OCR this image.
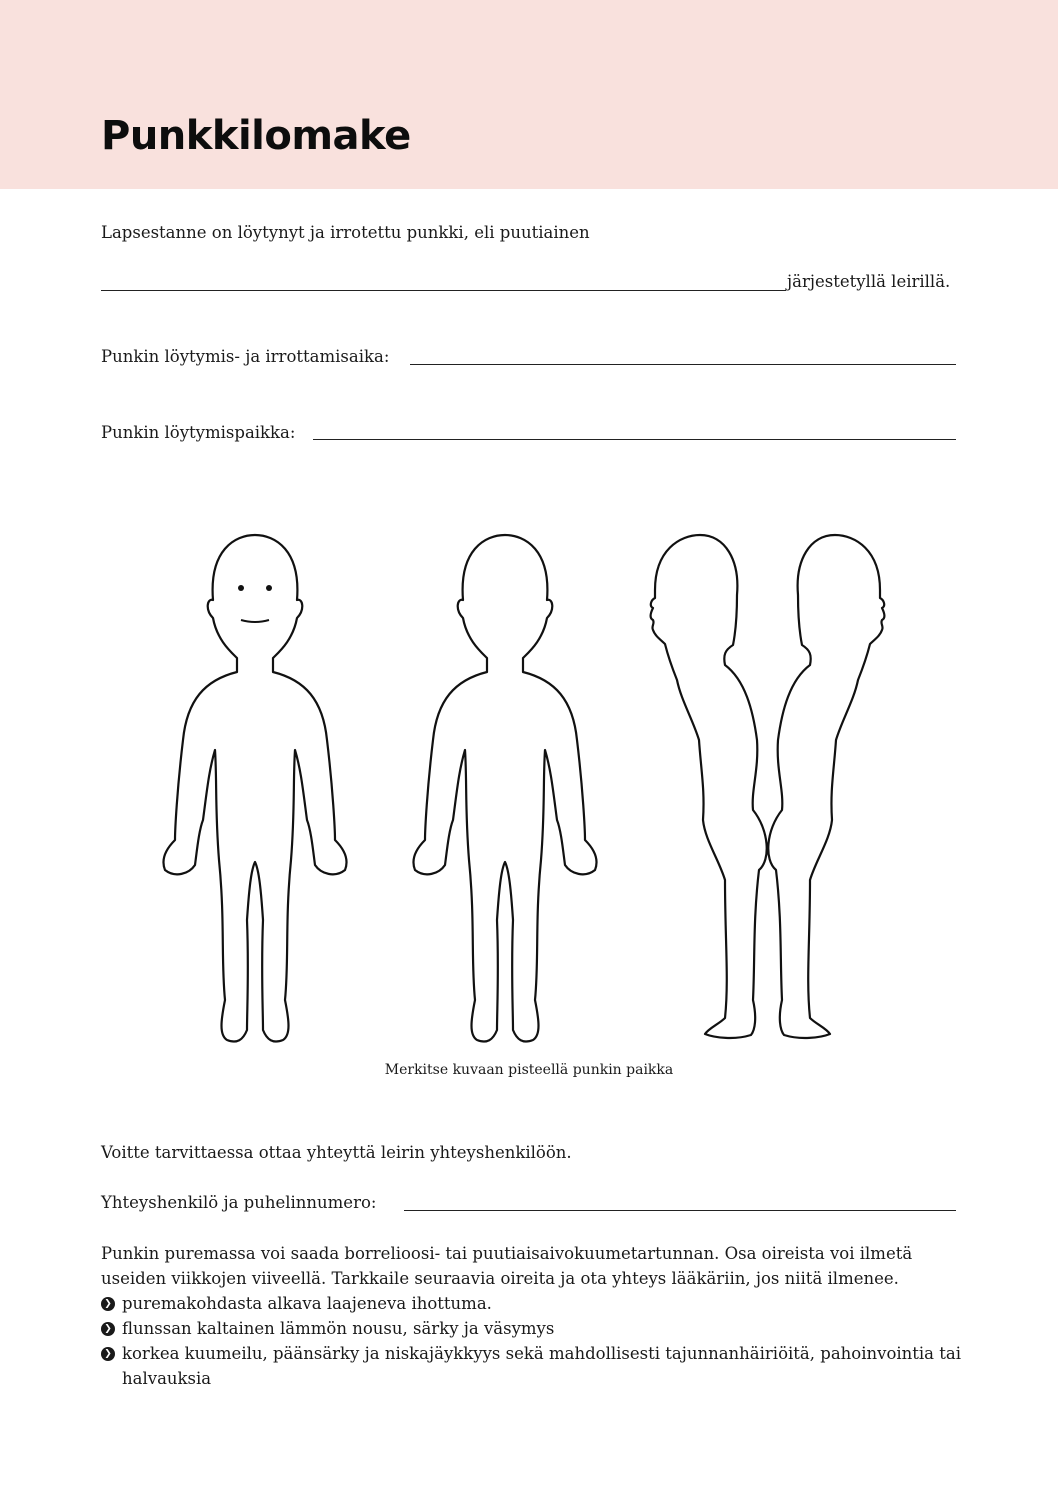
Punkkilomake
Lapsestanne on löytynyt ja irrotettu punkki, eli puutiainen
järjestetyllä leirillä.
Punkin löytymis- ja irrottamisaika:
Punkin löytymispaikka:
Merkitse kuvaan pisteellä punkin paikka
Voitte tarvittaessa ottaa yhteyttä leirin yhteyshenkilöön.
Yhteyshenkilö ja puhelinnumero:

Punkin puremassa voi saada borrelioosi- tai puutiaisaivokuumetartunnan. Osa oireista voi ilmetä useiden viikkojen viiveellä. Tarkkaile seuraavia oireita ja ota yhteys lääkäriin, jos niitä ilmenee.

❯ puremakohdasta alkava laajeneva ihottuma.
❯ flunssan kaltainen lämmön nousu, särky ja väsymys
❯ korkea kuumeilu, päänsärky ja niskajäykkyys sekä mahdollisesti tajunnanhäiriöitä, pahoinvointia tai halvauksia
